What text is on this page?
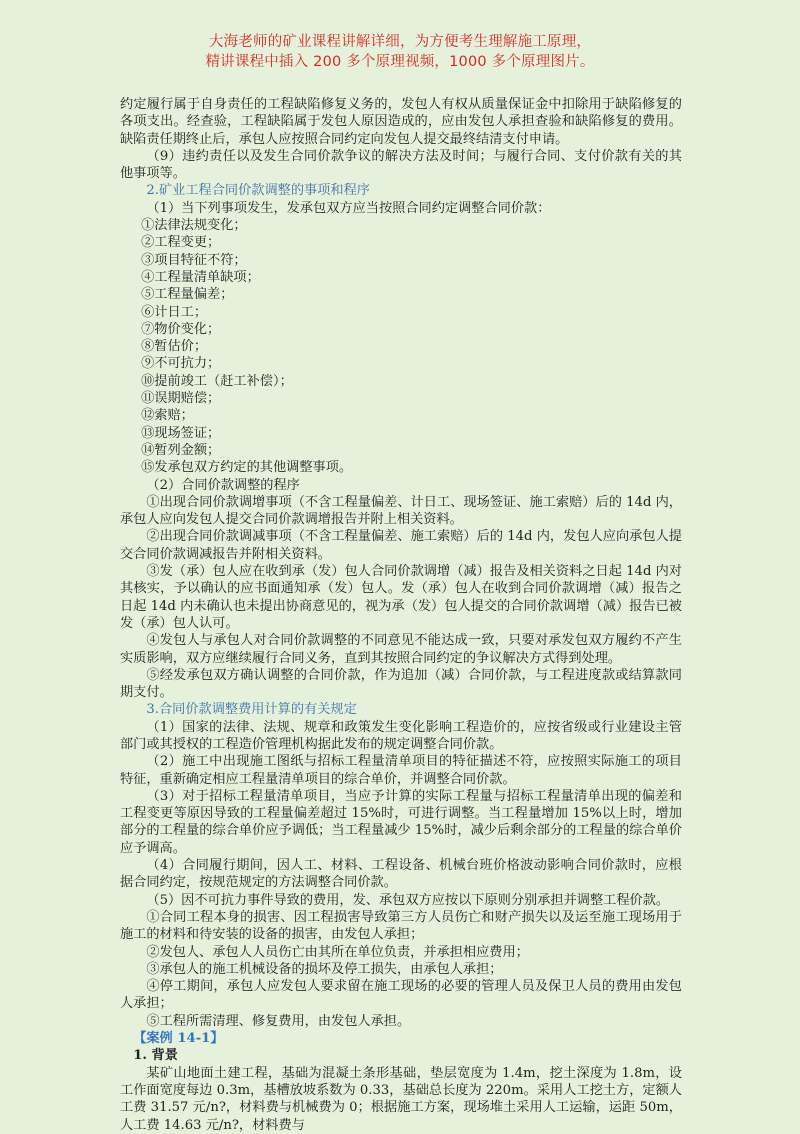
大海老师的矿业课程讲解详细，为方便考生理解施工原理，
精讲课程中插入 200 多个原理视频，1000 多个原理图片。

约定履行属于自身责任的工程缺陷修复义务的，发包人有权从质量保证金中扣除用于缺陷修复的各项支出。经查验，工程缺陷属于发包人原因造成的，应由发包人承担查验和缺陷修复的费用。缺陷责任期终止后，承包人应按照合同约定向发包人提交最终结清支付申请。

（9）违约责任以及发生合同价款争议的解决方法及时间；与履行合同、支付价款有关的其他事项等。

2.矿业工程合同价款调整的事项和程序

（1）当下列事项发生，发承包双方应当按照合同约定调整合同价款：

①法律法规变化；

②工程变更；

③项目特征不符；

④工程量清单缺项；

⑤工程量偏差；

⑥计日工；

⑦物价变化；

⑧暂估价；

⑨不可抗力；

⑩提前竣工（赶工补偿）；

⑪误期赔偿；

⑫索赔；

⑬现场签证；

⑭暂列金额；

⑮发承包双方约定的其他调整事项。

（2）合同价款调整的程序

①出现合同价款调增事项（不含工程量偏差、计日工、现场签证、施工索赔）后的 14d 内，承包人应向发包人提交合同价款调增报告并附上相关资料。

②出现合同价款调减事项（不含工程量偏差、施工索赔）后的 14d 内，发包人应向承包人提交合同价款调减报告并附相关资料。

③发（承）包人应在收到承（发）包人合同价款调增（减）报告及相关资料之日起 14d 内对其核实，予以确认的应书面通知承（发）包人。发（承）包人在收到合同价款调增（减）报告之日起 14d 内未确认也未提出协商意见的，视为承（发）包人提交的合同价款调增（减）报告已被发（承）包人认可。

④发包人与承包人对合同价款调整的不同意见不能达成一致，只要对承发包双方履约不产生实质影响，双方应继续履行合同义务，直到其按照合同约定的争议解决方式得到处理。

⑤经发承包双方确认调整的合同价款，作为追加（减）合同价款，与工程进度款或结算款同期支付。

3.合同价款调整费用计算的有关规定

（1）国家的法律、法规、规章和政策发生变化影响工程造价的，应按省级或行业建设主管部门或其授权的工程造价管理机构据此发布的规定调整合同价款。

（2）施工中出现施工图纸与招标工程量清单项目的特征描述不符，应按照实际施工的项目特征，重新确定相应工程量清单项目的综合单价，并调整合同价款。

（3）对于招标工程量清单项目，当应予计算的实际工程量与招标工程量清单出现的偏差和工程变更等原因导致的工程量偏差超过 15%时，可进行调整。当工程量增加 15%以上时，增加部分的工程量的综合单价应予调低；当工程量减少 15%时，减少后剩余部分的工程量的综合单价应予调高。

（4）合同履行期间，因人工、材料、工程设备、机械台班价格波动影响合同价款时，应根据合同约定，按规范规定的方法调整合同价款。

（5）因不可抗力事件导致的费用，发、承包双方应按以下原则分别承担并调整工程价款。

①合同工程本身的损害、因工程损害导致第三方人员伤亡和财产损失以及运至施工现场用于施工的材料和待安装的设备的损害，由发包人承担；

②发包人、承包人人员伤亡由其所在单位负责，并承担相应费用；

③承包人的施工机械设备的损坏及停工损失，由承包人承担；

④停工期间，承包人应发包人要求留在施工现场的必要的管理人员及保卫人员的费用由发包人承担；

⑤工程所需清理、修复费用，由发包人承担。

【案例 14-1】

1. 背景

某矿山地面土建工程，基础为混凝土条形基础，垫层宽度为 1.4m，挖土深度为 1.8m，设工作面宽度每边 0.3m，基槽放坡系数为 0.33，基础总长度为 220m。采用人工挖土方，定额人工费 31.57 元/n?，材料费与机械费为 0；根据施工方案，现场堆土采用人工运输，运距 50m，人工费 14.63 元/n?，材料费与
